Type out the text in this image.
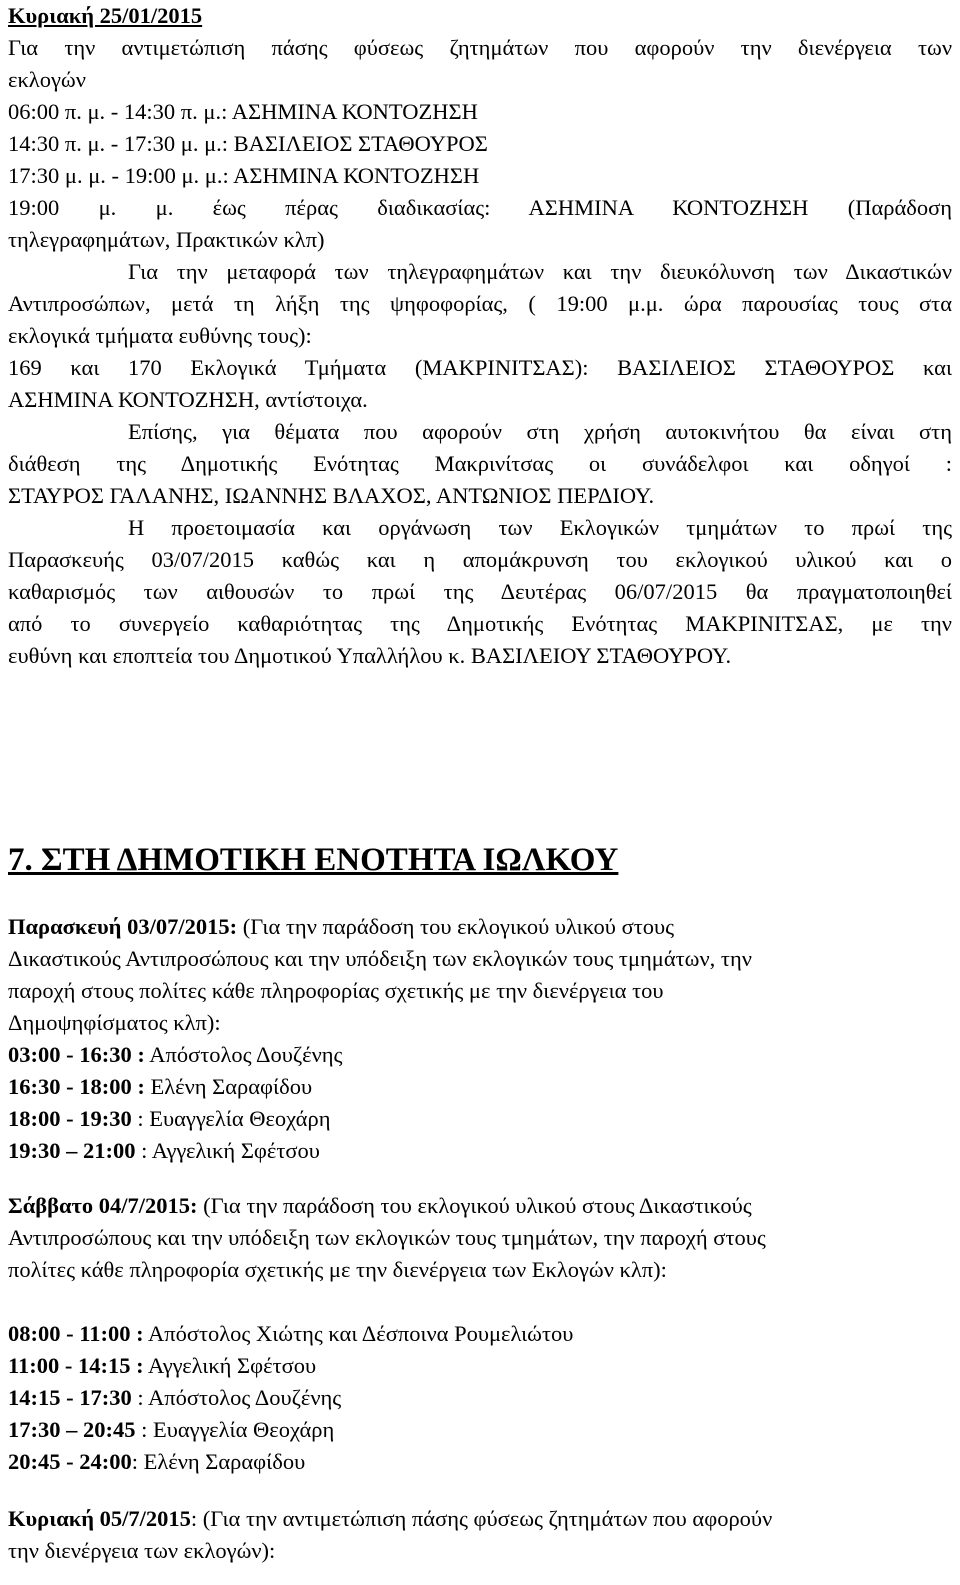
Κυριακή 25/01/2015
Για την αντιμετώπιση πάσης φύσεως ζητημάτων που αφορούν την διενέργεια των
εκλογών
06:00 π. μ. - 14:30 π. μ.: ΑΣΗΜΙΝΑ ΚΟΝΤΟΖΗΣΗ
14:30 π. μ. - 17:30 μ. μ.: ΒΑΣΙΛΕΙΟΣ ΣΤΑΘΟΥΡΟΣ
17:30 μ. μ. - 19:00 μ. μ.: ΑΣΗΜΙΝΑ ΚΟΝΤΟΖΗΣΗ
19:00 μ. μ. έως πέρας διαδικασίας: ΑΣΗΜΙΝΑ ΚΟΝΤΟΖΗΣΗ (Παράδοση
τηλεγραφημάτων, Πρακτικών κλπ)
Για την μεταφορά των τηλεγραφημάτων και την διευκόλυνση των Δικαστικών
Αντιπροσώπων, μετά τη λήξη της ψηφοφορίας, ( 19:00 μ.μ. ώρα παρουσίας τους στα
εκλογικά τμήματα ευθύνης τους):
169 και 170 Εκλογικά Τμήματα (ΜΑΚΡΙΝΙΤΣΑΣ): ΒΑΣΙΛΕΙΟΣ ΣΤΑΘΟΥΡΟΣ και
ΑΣΗΜΙΝΑ ΚΟΝΤΟΖΗΣΗ, αντίστοιχα.
Επίσης, για θέματα που αφορούν στη χρήση αυτοκινήτου θα είναι στη
διάθεση της Δημοτικής Ενότητας Μακρινίτσας οι συνάδελφοι και οδηγοί :
ΣΤΑΥΡΟΣ ΓΑΛΑΝΗΣ, ΙΩΑΝΝΗΣ ΒΛΑΧΟΣ, ΑΝΤΩΝΙΟΣ ΠΕΡΔΙΟΥ.
Η προετοιμασία και οργάνωση των Εκλογικών τμημάτων το πρωί της
Παρασκευής 03/07/2015 καθώς και η απομάκρυνση του εκλογικού υλικού και ο
καθαρισμός των αιθουσών το πρωί της Δευτέρας 06/07/2015 θα πραγματοποιηθεί
από το συνεργείο καθαριότητας της Δημοτικής Ενότητας ΜΑΚΡΙΝΙΤΣΑΣ, με την
ευθύνη και εποπτεία του Δημοτικού Υπαλλήλου κ. ΒΑΣΙΛΕΙΟΥ ΣΤΑΘΟΥΡΟΥ.
7. ΣΤΗ ΔΗΜΟΤΙΚΗ ΕΝΟΤΗΤΑ ΙΩΛΚΟΥ
Παρασκευή 03/07/2015: (Για την παράδοση του εκλογικού υλικού στους
Δικαστικούς Αντιπροσώπους και την υπόδειξη των εκλογικών τους τμημάτων, την
παροχή στους πολίτες κάθε πληροφορίας σχετικής με την διενέργεια του
Δημοψηφίσματος κλπ):
03:00 - 16:30 : Απόστολος Δουζένης
16:30 - 18:00 : Ελένη Σαραφίδου
18:00 - 19:30 : Ευαγγελία Θεοχάρη
19:30 – 21:00 : Αγγελική Σφέτσου
Σάββατο 04/7/2015: (Για την παράδοση του εκλογικού υλικού στους Δικαστικούς
Αντιπροσώπους και την υπόδειξη των εκλογικών τους τμημάτων, την παροχή στους
πολίτες κάθε πληροφορία σχετικής με την διενέργεια των Εκλογών κλπ):
08:00 - 11:00 : Απόστολος Χιώτης και Δέσποινα Ρουμελιώτου
11:00 - 14:15 : Αγγελική Σφέτσου
14:15 - 17:30 : Απόστολος Δουζένης
17:30 – 20:45 : Ευαγγελία Θεοχάρη
20:45 - 24:00: Ελένη Σαραφίδου
Κυριακή 05/7/2015: (Για την αντιμετώπιση πάσης φύσεως ζητημάτων που αφορούν
την διενέργεια των εκλογών):
